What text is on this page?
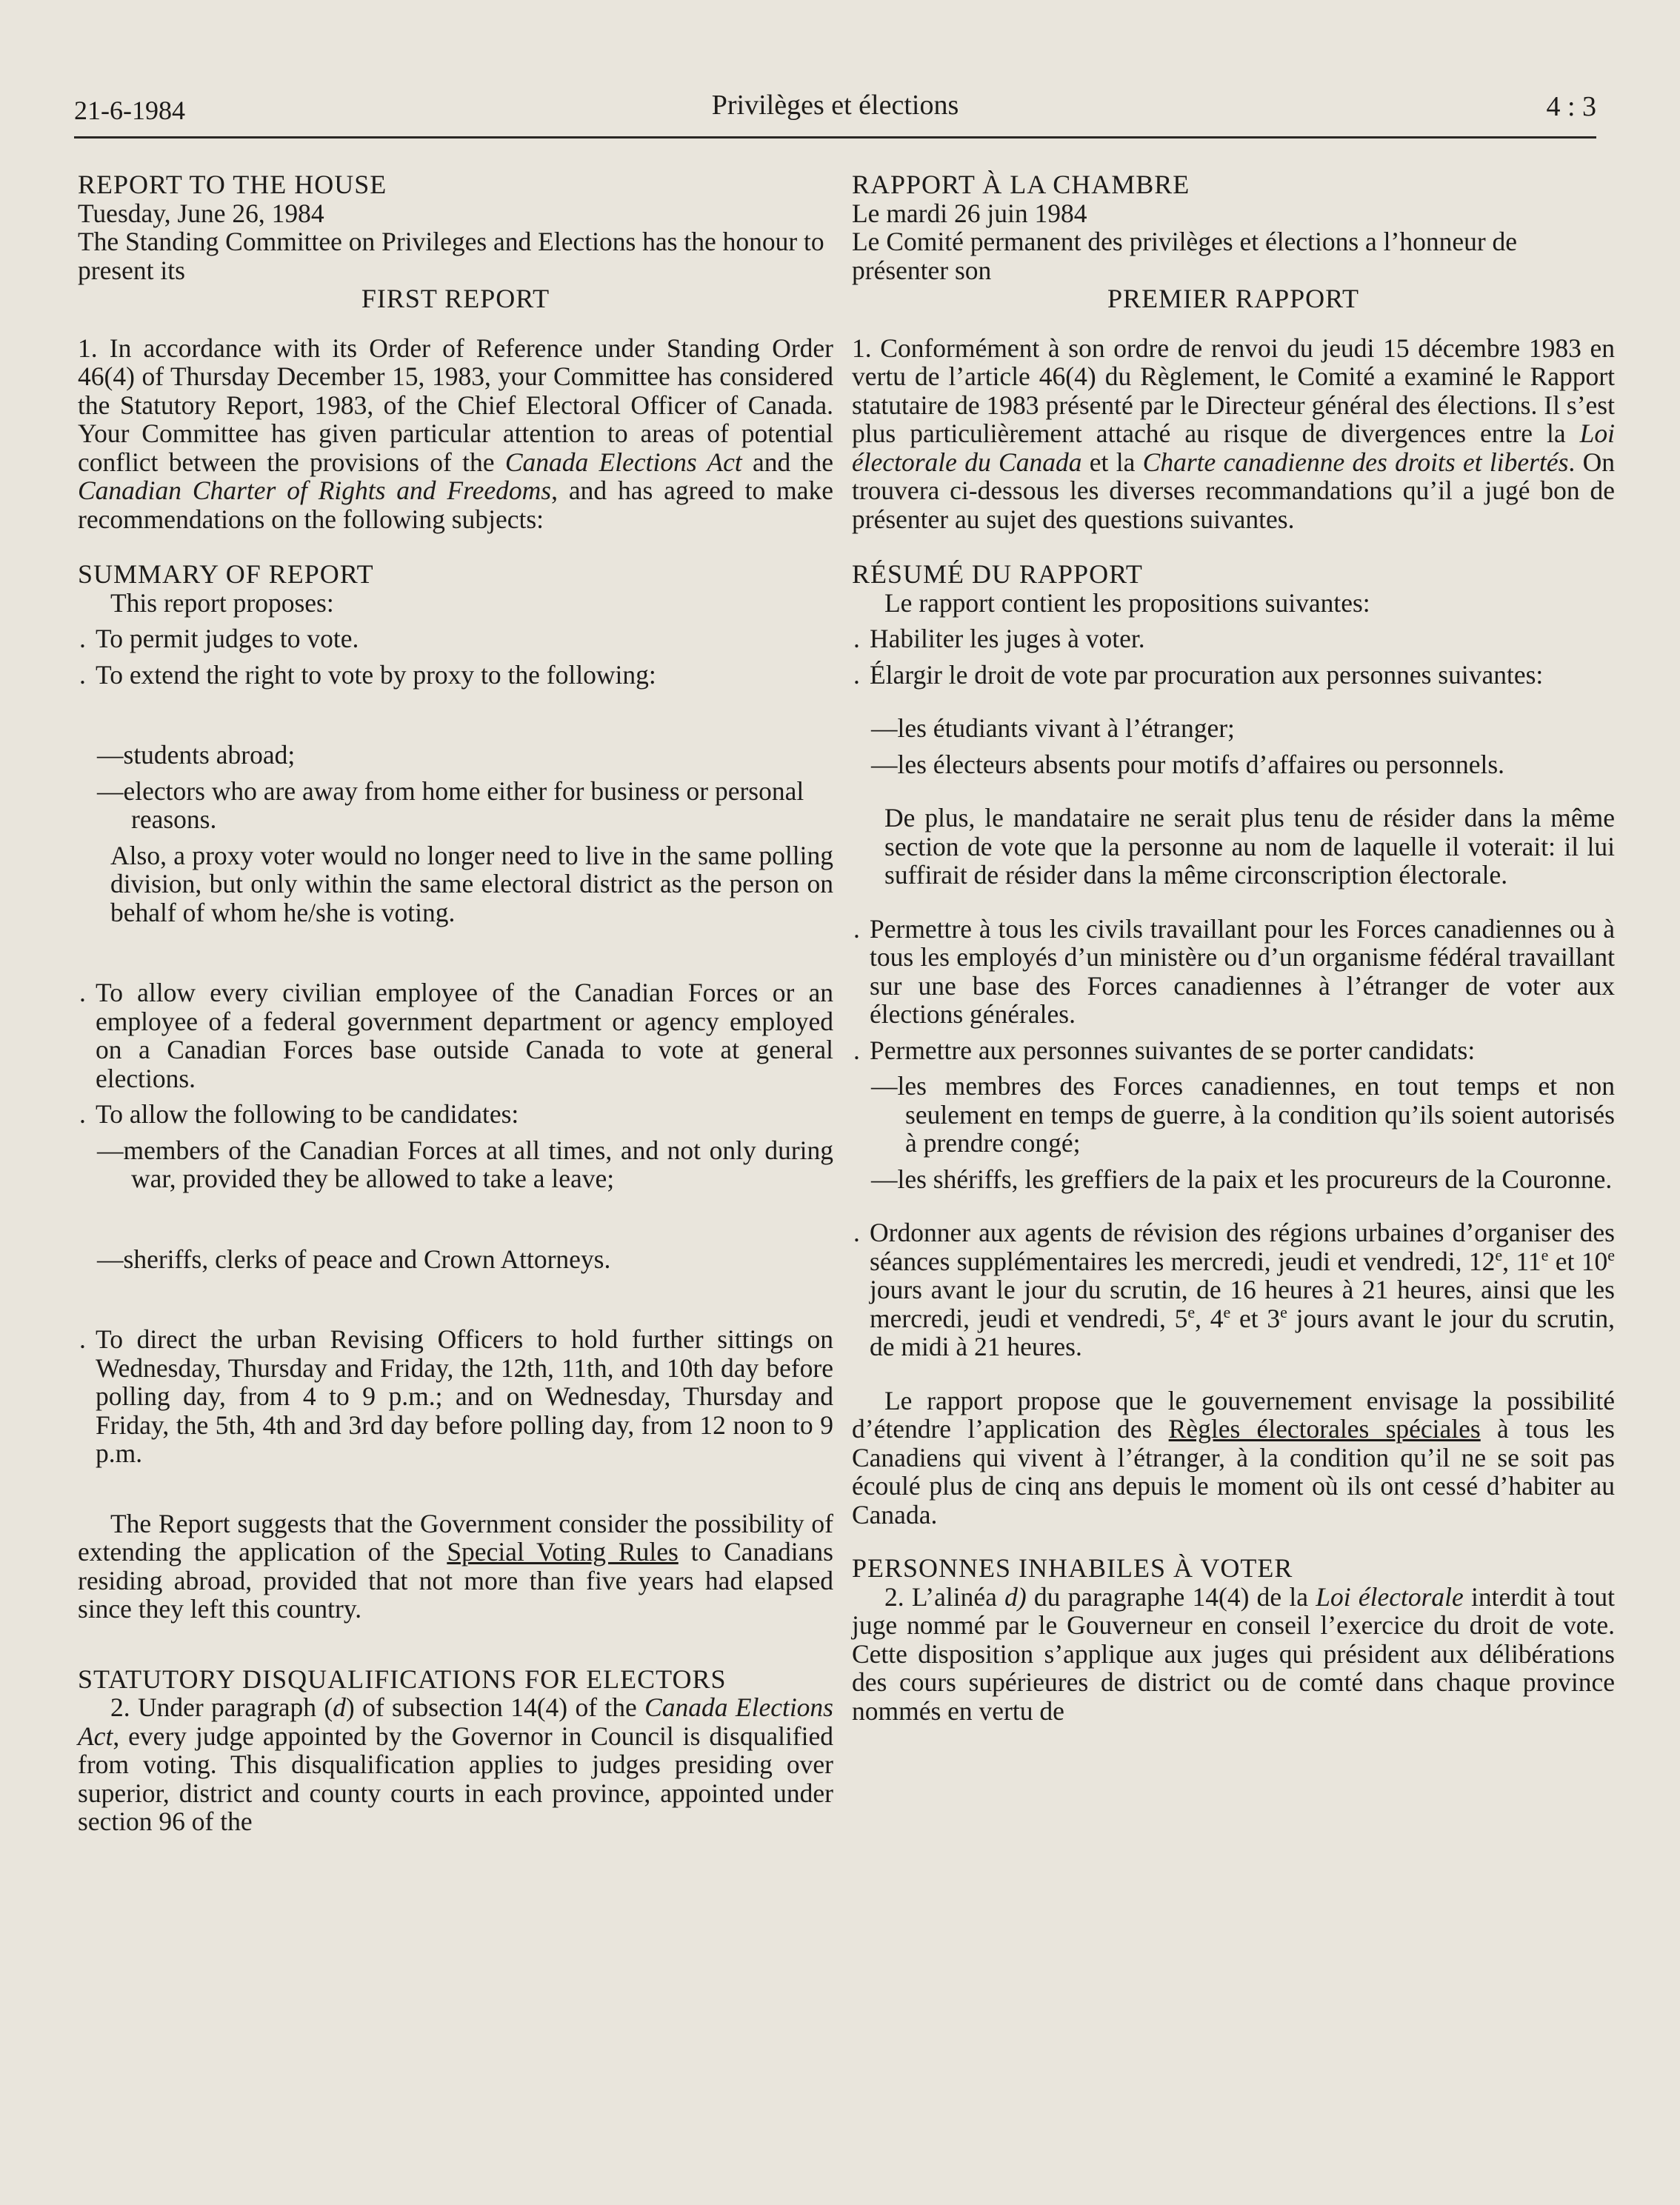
21-6-1984	Privilèges et élections	4 : 3

REPORT TO THE HOUSE

Tuesday, June 26, 1984

The Standing Committee on Privileges and Elections has the honour to present its

FIRST REPORT

1. In accordance with its Order of Reference under Standing Order 46(4) of Thursday December 15, 1983, your Committee has considered the Statutory Report, 1983, of the Chief Electoral Officer of Canada. Your Committee has given particular attention to areas of potential conflict between the provisions of the Canada Elections Act and the Canadian Charter of Rights and Freedoms, and has agreed to make recommendations on the following subjects:

SUMMARY OF REPORT

This report proposes:

. To permit judges to vote.

. To extend the right to vote by proxy to the following:

—students abroad;

—electors who are away from home either for business or personal reasons.

Also, a proxy voter would no longer need to live in the same polling division, but only within the same electoral district as the person on behalf of whom he/she is voting.

. To allow every civilian employee of the Canadian Forces or an employee of a federal government department or agency employed on a Canadian Forces base outside Canada to vote at general elections.

. To allow the following to be candidates:

—members of the Canadian Forces at all times, and not only during war, provided they be allowed to take a leave;

—sheriffs, clerks of peace and Crown Attorneys.

. To direct the urban Revising Officers to hold further sittings on Wednesday, Thursday and Friday, the 12th, 11th, and 10th day before polling day, from 4 to 9 p.m.; and on Wednesday, Thursday and Friday, the 5th, 4th and 3rd day before polling day, from 12 noon to 9 p.m.

The Report suggests that the Government consider the possibility of extending the application of the Special Voting Rules to Canadians residing abroad, provided that not more than five years had elapsed since they left this country.

STATUTORY DISQUALIFICATIONS FOR ELECTORS

2. Under paragraph (d) of subsection 14(4) of the Canada Elections Act, every judge appointed by the Governor in Council is disqualified from voting. This disqualification applies to judges presiding over superior, district and county courts in each province, appointed under section 96 of the

RAPPORT À LA CHAMBRE

Le mardi 26 juin 1984

Le Comité permanent des privilèges et élections a l’honneur de présenter son

PREMIER RAPPORT

1. Conformément à son ordre de renvoi du jeudi 15 décembre 1983 en vertu de l’article 46(4) du Règlement, le Comité a examiné le Rapport statutaire de 1983 présenté par le Directeur général des élections. Il s’est plus particulièrement attaché au risque de divergences entre la Loi électorale du Canada et la Charte canadienne des droits et libertés. On trouvera ci-dessous les diverses recommandations qu’il a jugé bon de présenter au sujet des questions suivantes.

RÉSUMÉ DU RAPPORT

Le rapport contient les propositions suivantes:

. Habiliter les juges à voter.

. Élargir le droit de vote par procuration aux personnes suivantes:

—les étudiants vivant à l’étranger;

—les électeurs absents pour motifs d’affaires ou personnels.

De plus, le mandataire ne serait plus tenu de résider dans la même section de vote que la personne au nom de laquelle il voterait: il lui suffirait de résider dans la même circonscription électorale.

. Permettre à tous les civils travaillant pour les Forces canadiennes ou à tous les employés d’un ministère ou d’un organisme fédéral travaillant sur une base des Forces canadiennes à l’étranger de voter aux élections générales.

. Permettre aux personnes suivantes de se porter candidats:

—les membres des Forces canadiennes, en tout temps et non seulement en temps de guerre, à la condition qu’ils soient autorisés à prendre congé;

—les shériffs, les greffiers de la paix et les procureurs de la Couronne.

. Ordonner aux agents de révision des régions urbaines d’organiser des séances supplémentaires les mercredi, jeudi et vendredi, 12e, 11e et 10e jours avant le jour du scrutin, de 16 heures à 21 heures, ainsi que les mercredi, jeudi et vendredi, 5e, 4e et 3e jours avant le jour du scrutin, de midi à 21 heures.

Le rapport propose que le gouvernement envisage la possibilité d’étendre l’application des Règles électorales spéciales à tous les Canadiens qui vivent à l’étranger, à la condition qu’il ne se soit pas écoulé plus de cinq ans depuis le moment où ils ont cessé d’habiter au Canada.

PERSONNES INHABILES À VOTER

2. L’alinéa d) du paragraphe 14(4) de la Loi électorale interdit à tout juge nommé par le Gouverneur en conseil l’exercice du droit de vote. Cette disposition s’applique aux juges qui président aux délibérations des cours supérieures de district ou de comté dans chaque province nommés en vertu de
